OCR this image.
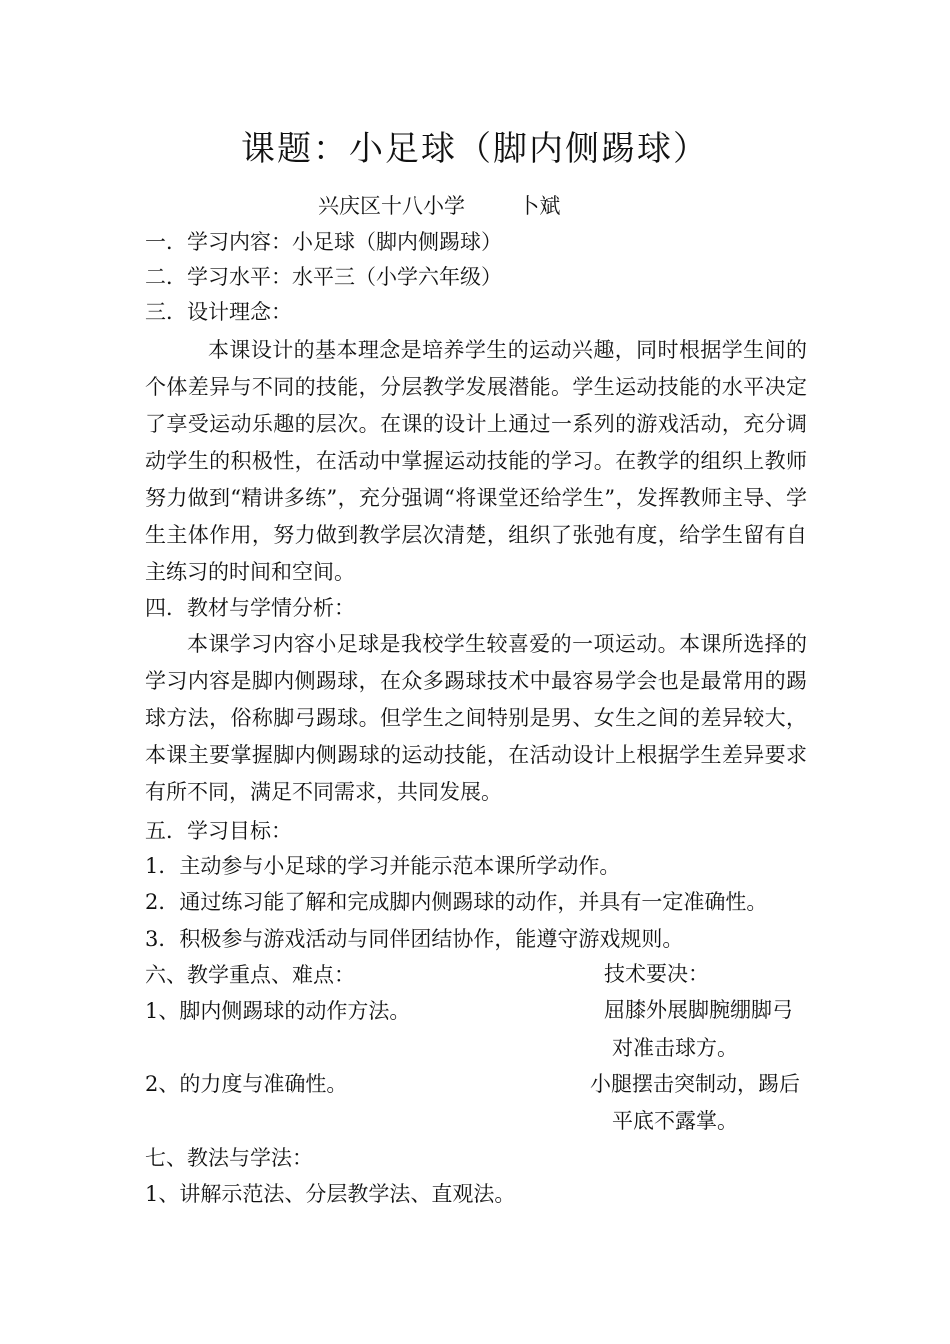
课题：小足球（脚内侧踢球）
兴庆区十八小学        卜斌
一．学习内容：小足球（脚内侧踢球）
二．学习水平：水平三（小学六年级）
三．设计理念：
本课设计的基本理念是培养学生的运动兴趣，同时根据学生间的个体差异与不同的技能，分层教学发展潜能。学生运动技能的水平决定了享受运动乐趣的层次。在课的设计上通过一系列的游戏活动，充分调动学生的积极性，在活动中掌握运动技能的学习。在教学的组织上教师努力做到“精讲多练”，充分强调“将课堂还给学生”，发挥教师主导、学生主体作用，努力做到教学层次清楚，组织了张弛有度，给学生留有自主练习的时间和空间。
四．教材与学情分析：
本课学习内容小足球是我校学生较喜爱的一项运动。本课所选择的学习内容是脚内侧踢球，在众多踢球技术中最容易学会也是最常用的踢球方法，俗称脚弓踢球。但学生之间特别是男、女生之间的差异较大，本课主要掌握脚内侧踢球的运动技能，在活动设计上根据学生差异要求有所不同，满足不同需求，共同发展。
五．学习目标：
1．主动参与小足球的学习并能示范本课所学动作。
2．通过练习能了解和完成脚内侧踢球的动作，并具有一定准确性。
3．积极参与游戏活动与同伴团结协作，能遵守游戏规则。
六、教学重点、难点：	技术要决：
1、脚内侧踢球的动作方法。	屈膝外展脚腕绷脚弓
对准击球方。
2、的力度与准确性。	小腿摆击突制动，踢后
平底不露掌。
七、教法与学法：
1、讲解示范法、分层教学法、直观法。
